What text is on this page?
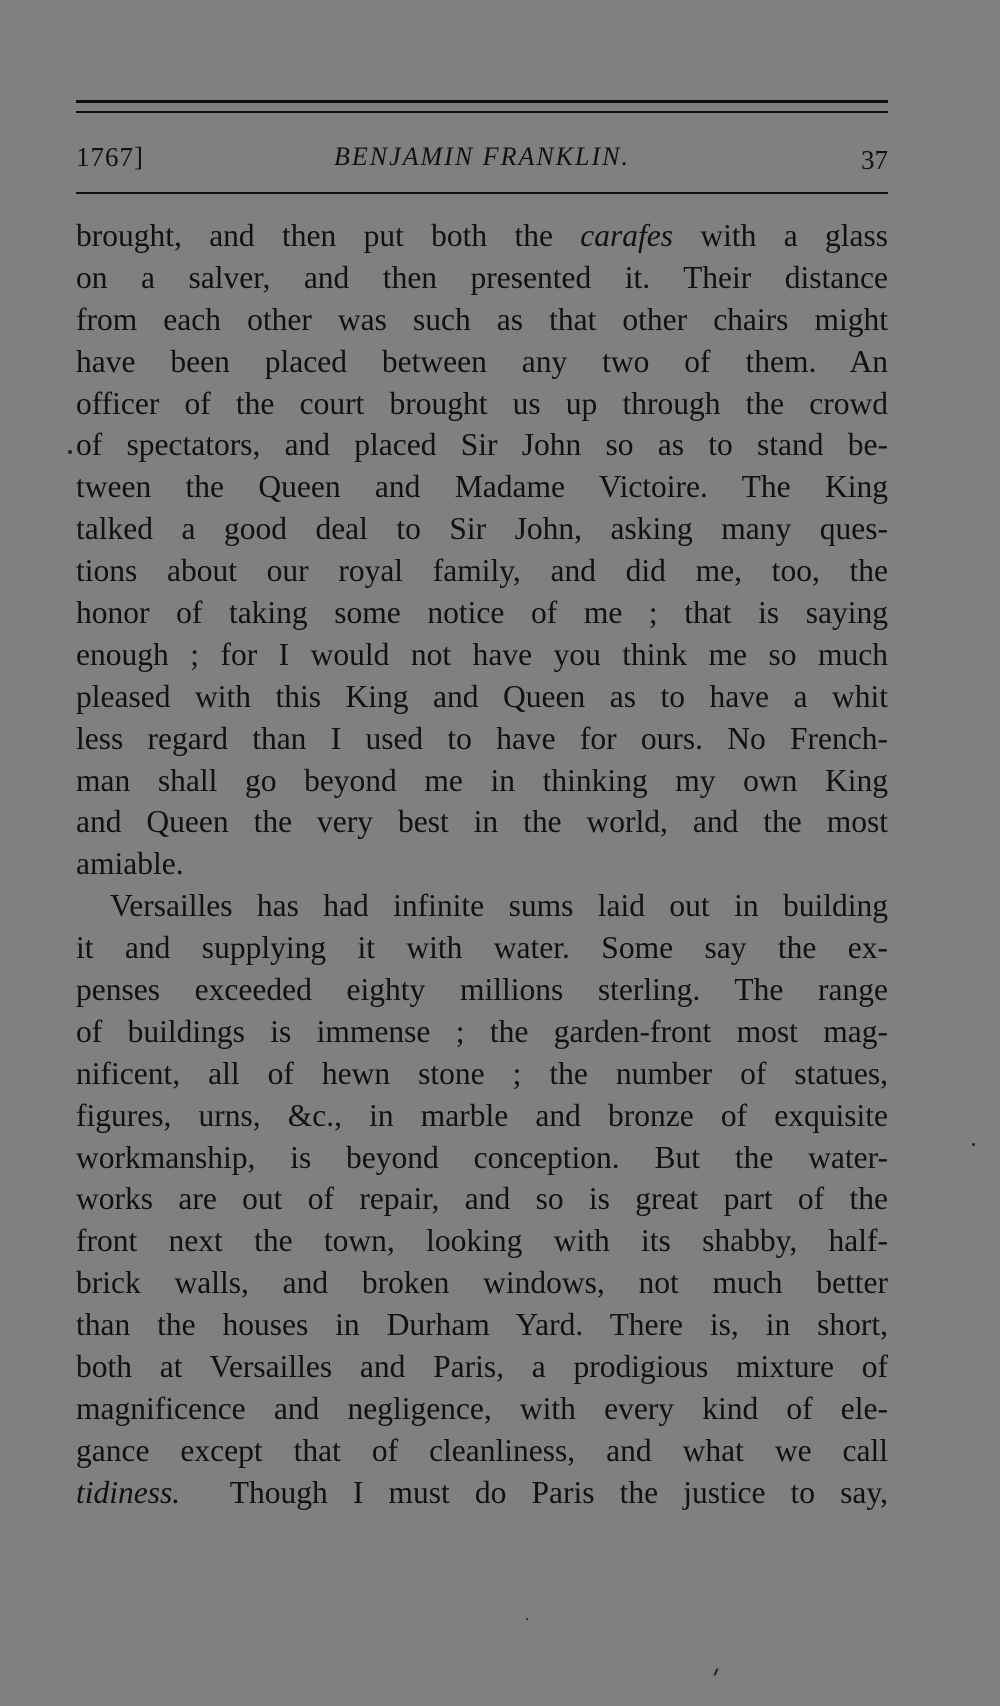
1767]	BENJAMIN FRANKLIN.	37
brought, and then put both the carafes with a glass
on a salver, and then presented it. Their distance
from each other was such as that other chairs might
have been placed between any two of them. An
officer of the court brought us up through the crowd
of spectators, and placed Sir John so as to stand be-
tween the Queen and Madame Victoire. The King
talked a good deal to Sir John, asking many ques-
tions about our royal family, and did me, too, the
honor of taking some notice of me ; that is saying
enough ; for I would not have you think me so much
pleased with this King and Queen as to have a whit
less regard than I used to have for ours. No French-
man shall go beyond me in thinking my own King
and Queen the very best in the world, and the most
amiable.
Versailles has had infinite sums laid out in building
it and supplying it with water. Some say the ex-
penses exceeded eighty millions sterling. The range
of buildings is immense ; the garden-front most mag-
nificent, all of hewn stone ; the number of statues,
figures, urns, &c., in marble and bronze of exquisite
workmanship, is beyond conception. But the water-
works are out of repair, and so is great part of the
front next the town, looking with its shabby, half-
brick walls, and broken windows, not much better
than the houses in Durham Yard. There is, in short,
both at Versailles and Paris, a prodigious mixture of
magnificence and negligence, with every kind of ele-
gance except that of cleanliness, and what we call
tidiness.  Though I must do Paris the justice to say,
